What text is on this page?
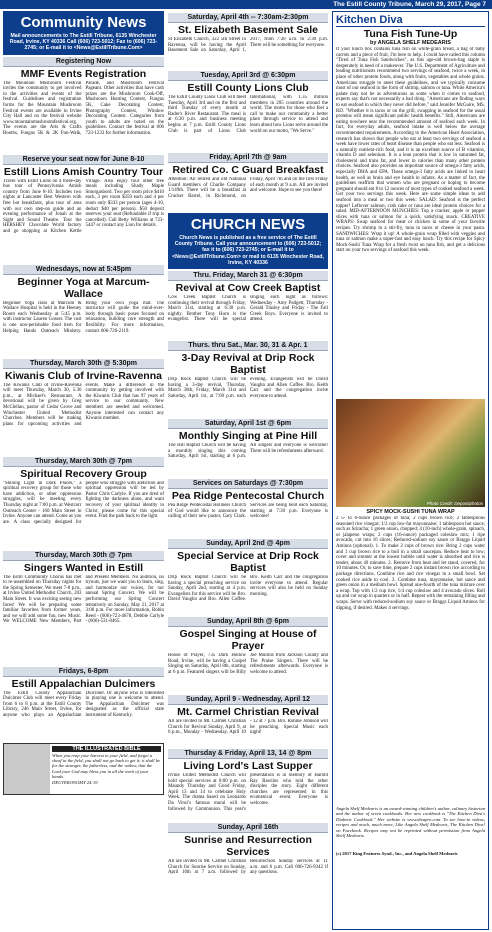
The Estill County Tribune, March 29, 2017, Page 7
Community News
Mail announcements to The Estill Tribune, 6135 Winchester Road, Irvine, KY 40336 Call (606) 723-5012; Fax to (606) 723-2745; or E-mail it to <News@EstillTribune.Com>
Registering Now
MMF Events Registration
The Mountain Mushroom Festival invites the community to get involved in the activities and events of the festival. Guidelines and registration forms for the Mountain Mushroom Festival events are available in Irvine City Hall and on the festival website www.mountainmushroomfestival.org. The events are the Arts & Crafts Booths, Fungus 5K & 2K Fun-Walk, Parade, and Mushroom Festival Pageant. Other activities that have cash prizes are the Mushroom Cook-Off, Mushroom Hunting Contest, Fungus 5K, Cake Decorating Contest, Photography Contest, Window Decorating Contest. Categories from youth to adults are noted on the guidelines. Contact the festival at 606 723-1233 for further information.
Reserve your seat now for June 8-10
Estill Lions Amish Country Tour
Travel with Estill Lions on a three-day bus tour of Pennsylvania Amish country from June 8-10. Includes two nights at Lancaster Best Western with free hot breakfasts, plus tour of area with our own step-on guide and an evening performance of Jonah at the Sight and Sound Theatre. Tour the HERSHEY Chocolate World factory and go shopping at Kitchen Kettle Village. Also enjoy four other free meals including Shady Maple Smorgasbord. Two per room price $410 each, 3 per room $359 each and 4 per room only $333 per person (ages 4-10, deduct $40 per person). $50 deposit reserves your seat (Refundable if trip is cancelled). Call Betty Williams at 723-5447 or contact any Lion for details.
Wednesdays, now at 5:45pm
Beginner Yoga at Marcum-Wallace
Beginner Yoga class at Marcum & Wallace Hospital is held in the Heeney Room each Wednesday at 5:45 p.m. with instructor Lauren Gosser. The cost is one non-perishable food item for Helping Hands Outreach Ministry. Bring your own yoga mat. The instructor will guide the mind-over-body through basic poses focused on relaxation, building core strength and flexibility. For more information, contact 606-726-2119.
Thursday, March 30th @ 5:30pm
Kiwanis Club of Irvine-Ravenna
The Kiwanis Club of Irvine-Ravenna will meet Thursday, March 30, 5:30 p.m., at Michael's Restaurant. A devotional will be given by Greg McClellan, pastor of Cedar Grove and Winchester United Methodist Churches. Members will be making plans for upcoming activities and events. Make a difference in the community by getting involved with the Kiwanis Club that has 97 years of service to our community. New members are needed and welcomed. Anyone interested can contact any Kiwanis member.
Thursday, March 30th @ 7pm
Spiritual Recovery Group
"Shining Light in Dark Places," a spiritual recovery group for those who have addiction, or other oppression struggles, will be meeting every Thursday night at 7:00 p.m. at Westcorr Outreach Center - 160 Main Street in Irvine. Anyone can attend. Come as you are. A class specially designed for people who struggle with addiction and spiritual oppression will be led by Pastor Chris Carlyle. If you are tired of fighting the darkness alone, and want recovery of your spiritual identity in Christ, please come for this special event. Find the path back to the light.
Thursday, March 30th @ 7pm
Singers Wanted in Estill
The Estill Community Chorus has met to re-assembled on Thursday nights for the Spring Semester. We meet 7-8 p.m., at Irvine United Methodist Church, 203 Main Street. It was exciting seeing new faces! We will be preparing some familiar favorites from former years, and we will add some fun, new Music. We WELCOME New Members, Part and Present Members. No audition, no tryouts, just we want you to learn, sing, and harmonize our voices, for our annual Spring Concert. We will be performing our Spring Concert tentatively on Sunday, May 21, 2017 at 3:00 p.m. For more information, Robin Reed - (606)-723-4678, Debbie Carlyle - (606)-531-0465.
Fridays, 6-8pm
Estill Appalachian Dulcimers
The Estill County Appalachian Dulcimer Club will meet every Friday from 6 to 8 p.m. at the Estill County Library, 246 Main Street, Irvine, for anyone who plays an Appalachian Dulcimer. Or anyone who is interested in playing one is welcome to attend. The Appalachian Dulcimer was designated as the official state instrument of Kentucky.
THE ILLUSTRATED BIBLE
When you reap your harvest in your field, and forget a sheaf in the field, you shall not go back to get it; it shall be for the stranger, the fatherless, and the widow, that the Lord your God may bless you in all the work of your hands.
DEUTERONOMY 24:19
Saturday, April 4th -- 7:30am-2:30pm
St. Elizabeth Basement Sale
St Elizabeth Church, 322 5th Street in Ravenna, will be having the April Basement Sale on Saturday, April 1, 2017, from 7:30 a.m. to 2:30 p.m. There will be something for everyone.
Tuesday, April 3rd @ 6:30pm
Estill County Lions Club
The Estill County Lions Club will meet Tuesday, April 3rd and on the first and third Tuesday of every month at Rader's River Restaurant. The meal is at 6:30 p.m. and business meeting begins at 7 p.m. Estill County Lions Club is part of Lions Club International, with 1.35 million members in 205 countries around the world. The motto for those who feel a call to make our community a better place through service to attend and learn about how Lions serve around the world on our motto, "We Serve."
Friday, April 7th @ 9am
Retired Co. C Guard Breakfast
Attention: All retired and old National Guard members of Charlie Company 1/149th. There will be a breakfast at Cracker Barrel, in Richmond, on Friday, April 7th and on the first Friday of each month at 9 a.m. All are invited and welcome. Hope to see you there!
CHURCH NEWS
Church News is published as a free service of The Estill County Tribune. Call your announcement to (606) 723-5012; fax it to (606) 723-2745; or E-mail it to <News@EstillTribune.Com> or mail to 6135 Winchester Road, Irvine, KY 40336
Thru. Friday, March 31 @ 6:30pm
Revival at Cow Creek Baptist
Cow Creek Baptist Church is continuing their revival through Friday, March 31st, starting at 6:30 p.m. nightly. Brother Tony Horn is the evangelist. There will be special singing each night as follows: Wednesday - Amy Padgett, Thursday - Gerald Tinsley and Friday - The Fall Creek Boys. Everyone is invited to attend.
Thurs. thru Sat., Mar. 30, 31 & Apr. 1
3-Day Revival at Drip Rock Baptist
Drip Rock Baptist Church will be having a 3-day revival, Thursday, March 30th, Friday, March 31st and Saturday, April 1st, at 7:00 p.m. each evening. Evangelists will be David Vaughn and Allen Coffee. Bro. Keith Carr and the congregation invite everyone to attend.
Saturday, April 1st @ 6pm
Monthly Singing at Pine Hill
The Hill Baptist Church will be having a monthly singing this coming Saturday, April 1st, starting at 6 p.m. All singers and everyone is welcome! There will be refreshments afterward.
Services on Saturdays @ 7:30pm
Pea Ridge Pentecostal Church
Pea Ridge Pentecostal Holiness Church of God would like to announce the calling of their new pastor, Gary Clark. Services are being held each Saturday, starting at 7:30 p.m. Everyone is welcome!
Sunday, April 2nd @ 4pm
Special Service at Drip Rock Baptist
Drip Rock Baptist Church will be having a special preaching service on Sunday, April 2nd, starting at 4 p.m. Evangelists for this service will be Bro. David Vaughn and Bro. Allen Coffee. Bro. Keith Carr and the congregation invite everyone to attend. Regular services will also be held on Sunday morning.
Sunday, April 8th @ 6pm
Gospel Singing at House of Prayer
House of Prayer, 735 Dark Hollow Road, Irvine, will be having a Gospel Singing on Saturday, April 8th, starting at 6 p.m. Featured singers will be Billy Joe Mullins from Jackson County and The Praise Singers. There will be refreshments afterwards. Everyone is welcome to attend.
Sunday, April 9 - Wednesday, April 12
Mt. Carmel Christian Revival
All are invited to Mt. Carmel Christian Church for Revival Sunday, April 9, at 6 p.m., Monday - Wednesday, April 10 - 12 at 7 p.m. Bro. Ronnie Johnson will be preaching. Special Music each night!
Thursday & Friday, April 13, 14 @ 8pm
Living Lord's Last Supper
Irvine United Methodist Church will hold special services at 8:00 p.m. on Maundy Thursday and Good Friday, April 13 and 14 to celebrate Holy Week. The drama based on Leonardo Da Vinci's famous mural will be followed by Communion. This year's presentation is in memory of Harold Ray Rawlins who told the other disciples the story. Eight different churches are represented in this ecumenical event. Everyone is welcome.
Sunday, April 16th
Sunrise and Resurrection Services
All are invited to Mt. Carmel Christian Church for Sunrise Service on Sunday, April 16th at 7 a.m. followed by Resurrection Sunday services at 11 a.m. and 6 p.m. Call 606-726-9342 if any questions.
Kitchen Diva
Tuna Fish Tune-Up
by ANGELA SHELF MEDEARIS
If your lunch box contains tuna fish on white-grain bread, a bag of baby carrots and a piece of fruit, I'm here to help. I could have called this column "Tired of Tuna Fish Sandwiches", as this age-old brown-bag staple is desperately in need of a makeover. The U.S. Department of Agriculture and leading nutritionists recommend two servings of seafood, twice a week, in place of other protein foods, along with fruits, vegetables and whole grains. Americans struggle to meet these guidelines, and we typically consume most of our seafood in the form of shrimp, salmon or tuna. While America's palate may not be as adventurous as some when it comes to seafood, experts say that's not necessarily a bad thing. "Americans are finding ways to eat seafood in which they never did before," said Jennifer McGuire, MS, RD. "Whether it is tacos or on the grill, swapping in seafood for the usual proteins will mean significant public health benefits." Still, Americans are eating nowhere near the recommended amount of seafood each week. In fact, for everyday adults, seafood intake is well below the average recommended requirements. According to the American Heart Association, research has shown that people who eat at least two servings of seafood a week have lower rates of heart disease than people who eat less. Seafood is a naturally nutrient-rich food, and it is an excellent source of B vitamins, vitamin D and selenium. It is a lean protein that is low in saturated fat, cholesterol and trans fat, and lower in calories than many other protein choices. Seafood also provides an important source of omega-3 fatty acids, especially DHA and EPA. These omega-3 fatty acids are linked to heart health, as well as brain and eye health in infants. As a matter of fact, the guidelines reaffirm that women who are pregnant or hoping to become pregnant should eat 8 to 12 ounces of most types of cooked seafood a week. Get your two servings this week. Here are some simple ideas to add seafood into a meal or two this week: SALAD: Seafood is the perfect topper! Leftover salmon, crab cake or tuna are ideal protein choices for a salad. MID-AFTERNOON MUNCHIES: Top a cracker, apple or pepper slices with tuna or salmon for a quick, satisfying snack. CREATIVE WRAPS: Swap seafood for meat or chicken in some of your favorite recipes. Try shrimp in a stir-fry, tuna in tacos or cheese in your pasta. SANDWICHES: Wrap it up! A whole-grain wrap filled with veggies and tuna or salmon make a super-fast and easy lunch. Try this recipe for Spicy Mock-Sushi Tuna Wrap for a fresh twist on tuna fish, and get a delicious start on your two servings of seafood this week.
Photo Credit: Depositphotos
SPICY MOCK-SUSHI TUNA WRAP
2 5- to 6-ounce packages of tuna; 2 cups brown rice; 2 tablespoons seasoned rice vinegar; 1/3 cup low-fat mayonnaise; 1 tablespoon hot sauce, such as Sriracha; 1 green onion, chopped; 4 (10-inch) whole-grain, spinach, or jalapeno wraps; 2 cups (16-ounce) packaged coleslaw mix; 1 ripe avocado, cut into 16 slices; Reduced-sodium soy sauce or Braggs Liquid Aminos (optional). 1. To make 2 cups of brown rice: Bring 2 cups water and 1 cup brown rice to a boil in a small saucepan. Reduce heat to low; cover and simmer at the lowest bubble until water is absorbed and rice is tender, about 40 minutes. 2. Remove from heat and let stand, covered, for 10 minutes. Or, to save time, prepare 2 cups instant brown rice according to package directions. Combine rice and rice vinegar in a small bowl. Set cooked rice aside to cool. 3. Combine tuna, mayonnaise, hot sauce and green onion in a medium bowl. Spread one-fourth of the tuna mixture over a wrap. Top with 1/2 cup rice, 1/4 cup coleslaw and 4 avocado slices. Roll up and cut wrap in quarters or in half. Repeat with the remaining filling and wraps. Serve with reduced-sodium soy sauce or Braggs Liquid Aminos for dipping, if desired. Makes 4 servings.
Angela Shelf Medearis is an award-winning children's author, culinary historian and the author of seven cookbooks. Her new cookbook is "The Kitchen Diva's Diabetic Cookbook." Her website is www.divapro.com. To see how-to videos, recipes and much, much more, Like Angela Shelf Medearis, The Kitchen Diva! on Facebook. Recipes may not be reprinted without permission from Angela Shelf Medearis.
(c) 2017 King Features Synd., Inc., and Angela Shelf Medearis
